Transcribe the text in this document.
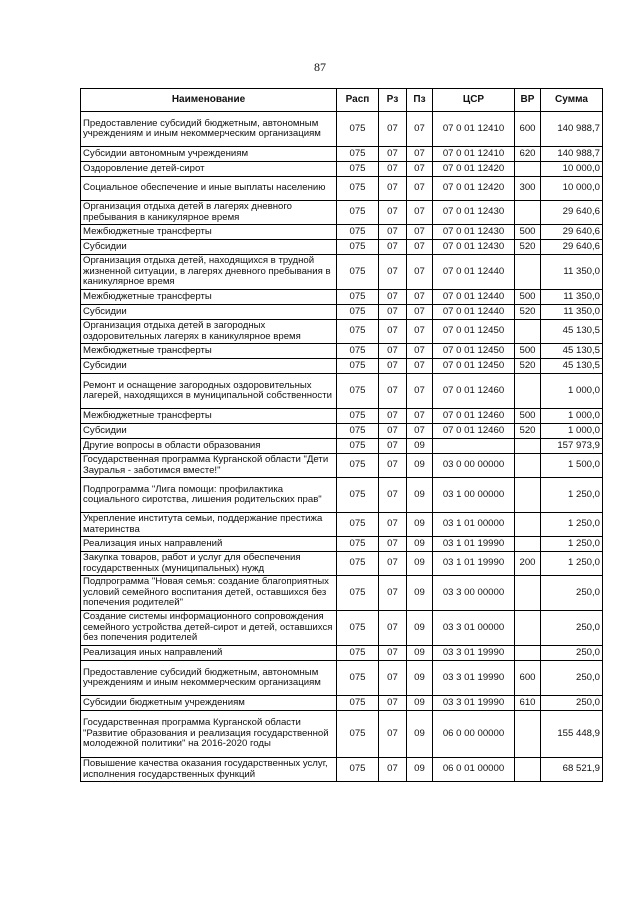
87
Наименование	Расп	Рз	Пз	ЦСР	ВР	Сумма
Предоставление субсидий бюджетным, автономным учреждениям и иным некоммерческим организациям	075	07	07	07 0 01 12410	600	140 988,7
Субсидии автономным учреждениям	075	07	07	07 0 01 12410	620	140 988,7
Оздоровление детей-сирот	075	07	07	07 0 01 12420		10 000,0
Социальное обеспечение и иные выплаты населению	075	07	07	07 0 01 12420	300	10 000,0
Организация отдыха детей в лагерях дневного пребывания в каникулярное время	075	07	07	07 0 01 12430		29 640,6
Межбюджетные трансферты	075	07	07	07 0 01 12430	500	29 640,6
Субсидии	075	07	07	07 0 01 12430	520	29 640,6
Организация отдыха детей, находящихся в трудной жизненной ситуации, в лагерях дневного пребывания в каникулярное время	075	07	07	07 0 01 12440		11 350,0
Межбюджетные трансферты	075	07	07	07 0 01 12440	500	11 350,0
Субсидии	075	07	07	07 0 01 12440	520	11 350,0
Организация отдыха детей в загородных оздоровительных лагерях в каникулярное время	075	07	07	07 0 01 12450		45 130,5
Межбюджетные трансферты	075	07	07	07 0 01 12450	500	45 130,5
Субсидии	075	07	07	07 0 01 12450	520	45 130,5
Ремонт и оснащение загородных оздоровительных лагерей, находящихся в муниципальной собственности	075	07	07	07 0 01 12460		1 000,0
Межбюджетные трансферты	075	07	07	07 0 01 12460	500	1 000,0
Субсидии	075	07	07	07 0 01 12460	520	1 000,0
Другие вопросы в области образования	075	07	09			157 973,9
Государственная программа Курганской области "Дети Зауралья - заботимся вместе!"	075	07	09	03 0 00 00000		1 500,0
Подпрограмма "Лига помощи: профилактика социального сиротства, лишения родительских прав"	075	07	09	03 1 00 00000		1 250,0
Укрепление института семьи, поддержание престижа материнства	075	07	09	03 1 01 00000		1 250,0
Реализация иных направлений	075	07	09	03 1 01 19990		1 250,0
Закупка товаров, работ и услуг для обеспечения государственных (муниципальных) нужд	075	07	09	03 1 01 19990	200	1 250,0
Подпрограмма "Новая семья: создание благоприятных условий семейного воспитания детей, оставшихся без попечения родителей"	075	07	09	03 3 00 00000		250,0
Создание системы информационного сопровождения семейного устройства детей-сирот и детей, оставшихся без попечения родителей	075	07	09	03 3 01 00000		250,0
Реализация иных направлений	075	07	09	03 3 01 19990		250,0
Предоставление субсидий бюджетным, автономным учреждениям и иным некоммерческим организациям	075	07	09	03 3 01 19990	600	250,0
Субсидии бюджетным учреждениям	075	07	09	03 3 01 19990	610	250,0
Государственная программа Курганской области "Развитие образования и реализация государственной молодежной политики" на 2016-2020 годы	075	07	09	06 0 00 00000		155 448,9
Повышение качества оказания государственных услуг, исполнения государственных функций	075	07	09	06 0 01 00000		68 521,9
